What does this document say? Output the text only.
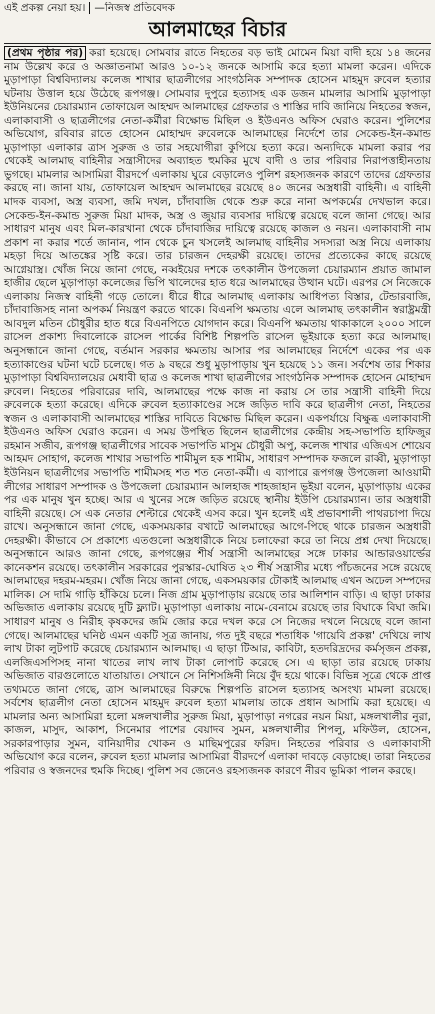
এই প্রকল্প নেয়া হয়। —নিজস্ব প্রতিবেদক
আলমাছের বিচার

(প্রথম পৃষ্ঠার পর) করা হয়েছে। সোমবার রাতে নিহতের বড় ভাই মোমেন মিয়া বাদী হয়ে ১৪ জনের নাম উল্লেখ করে ও অজ্ঞাতনামা আরও ১০-১২ জনকে আসামি করে হত্যা মামলা করেন। এদিকে মুড়াপাড়া বিশ্ববিদ্যালয় কলেজ শাখার ছাত্রলীগের সাংগঠনিক সম্পাদক হোসেন মাহমুদ রুবেল হত্যার ঘটনায় উত্তাল হয়ে উঠেছে রূপগঞ্জ। সোমবার দুপুরে হত্যাসহ এক ডজন মামলার আসামি মুড়াপাড়া ইউনিয়নের চেয়ারম্যান তোফায়েল আহম্মদ আলমাছের গ্রেফতার ও শাস্তির দাবি জানিয়ে নিহতের স্বজন, এলাকাবাসী ও ছাত্রলীগের নেতা-কর্মীরা বিক্ষোভ মিছিল ও ইউএনও অফিস ঘেরাও করেন। পুলিশের অভিযোগ, রবিবার রাতে হোসেন মোহাম্মদ রুবেলকে আলমাছের নির্দেশে তার সেকেন্ড-ইন-কমান্ড মুড়াপাড়া এলাকার ত্রাস সুরুজ ও তার সহযোগীরা কুপিয়ে হত্যা করে। অন্যদিকে মামলা করার পর থেকেই আলমাছ বাহিনীর সন্ত্রাসীদের অব্যাহত হুমকির মুখে বাদী ও তার পরিবার নিরাপত্তাহীনতায় ভুগছে। মামলার আসামিরা বীরদর্পে এলাকায় ঘুরে বেড়ালেও পুলিশ রহস্যজনক কারণে তাদের গ্রেফতার করছে না। জানা যায়, তোফায়েল আহম্মদ আলমাছের রয়েছে ৪০ জনের অস্ত্রধারী বাহিনী। এ বাহিনী মাদক ব্যবসা, অস্ত্র ব্যবসা, জমি দখল, চাঁদাবাজি থেকে শুরু করে নানা অপকর্মের দেখভাল করে। সেকেন্ড-ইন-কমান্ড সুরুজ মিয়া মাদক, অস্ত্র ও জুয়ার ব্যবসার দায়িত্বে রয়েছে বলে জানা গেছে। আর সাধারণ মানুষ এবং মিল-কারখানা থেকে চাঁদাবাজির দায়িত্বে রয়েছে কাজল ও নয়ন। এলাকাবাসী নাম প্রকাশ না করার শর্তে জানান, পান থেকে চুন খসলেই আলমাছ বাহিনীর সদস্যরা অস্ত্র নিয়ে এলাকায় মহড়া দিয়ে আতঙ্কের সৃষ্টি করে। তার চারজন দেহরক্ষী রয়েছে। তাদের প্রত্যেকের কাছে রয়েছে আগ্নেয়াস্ত্র। খোঁজ নিয়ে জানা গেছে, নব্বইয়ের দশকে তৎকালীন উপজেলা চেয়ারম্যান প্রয়াত জামাল হাজীর ছেলে মুড়াপাড়া কলেজের ভিপি খালেদের হাত ধরে আলমাছের উত্থান ঘটে। এরপর সে নিজেকে এলাকায় নিজস্ব বাহিনী গড়ে তোলে। ধীরে ধীরে আলমাছ এলাকায় আধিপত্য বিস্তার, টেন্ডারবাজি, চাঁদাবাজিসহ নানা অপকর্ম নিয়ন্ত্রণ করতে থাকে। বিএনপি ক্ষমতায় এলে আলমাছ তৎকালীন স্বরাষ্ট্রমন্ত্রী আবদুল মতিন চৌধুরীর হাত ধরে বিএনপিতে যোগদান করে। বিএনপি ক্ষমতায় থাকাকালে ২০০০ সালে রাসেল প্রকাশ্য দিবালোকে রাসেল পার্কের বিশিষ্ট শিল্পপতি রাসেল ভূইয়াকে হত্যা করে আলমাছ। অনুসন্ধানে জানা গেছে, বর্তমান সরকার ক্ষমতায় আসার পর আলমাছের নির্দেশে একের পর এক হত্যাকাণ্ডের ঘটনা ঘটে চলেছে। গত ৯ বছরে শুধু মুড়াপাড়ায় খুন হয়েছে ১১ জন। সর্বশেষ তার শিকার মুড়াপাড়া বিশ্ববিদ্যালয়ের মেধাবী ছাত্র ও কলেজ শাখা ছাত্রলীগের সাংগঠনিক সম্পাদক হোসেন মোহাম্মদ রুবেল। নিহতের পরিবারের দাবি, আলমাছের পক্ষে কাজ না করায় সে তার সন্ত্রাসী বাহিনী দিয়ে রুবেলকে হত্যা করেছে। এদিকে রুবেল হত্যাকাণ্ডের সঙ্গে জড়িত দাবি করে ছাত্রলীগ নেতা, নিহতের স্বজন ও এলাকাবাসী আলমাছের শাস্তির দাবিতে বিক্ষোভ মিছিল করেন। একপর্যায়ে বিক্ষুব্ধ এলাকাবাসী ইউএনও অফিস ঘেরাও করেন। এ সময় উপস্থিত ছিলেন ছাত্রলীগের কেন্দ্রীয় সহ-সভাপতি হাফিজুর রহমান সজীব, রূপগঞ্জ ছাত্রলীগের সাবেক সভাপতি মাসুম চৌধুরী অপু, কলেজ শাখার এজিএস শোয়েব আহমদ সোহাগ, কলেজ শাখার সভাপতি শামীমুল হক শামীম, সাধারণ সম্পাদক ফজলে রাব্বী, মুড়াপাড়া ইউনিয়ন ছাত্রলীগের সভাপতি শামীমসহ শত শত নেতা-কর্মী। এ ব্যাপারে রূপগঞ্জ উপজেলা আওয়ামী লীগের সাধারণ সম্পাদক ও উপজেলা চেয়ারম্যান আলহাজ শাহজাহান ভূইয়া বলেন, মুড়াপাড়ায় একের পর এক মানুষ খুন হচ্ছে। আর এ খুনের সঙ্গে জড়িত রয়েছে স্থানীয় ইউপি চেয়ারম্যান। তার অস্ত্রধারী বাহিনী রয়েছে। সে এক নেতার শেল্টারে থেকেই এসব করে। খুন হলেই এই প্রভাবশালী পাথরচাপা দিয়ে রাখে। অনুসন্ধানে জানা গেছে, একসময়কার বখাটে আলমাছের আগে-পিছে থাকে চারজন অস্ত্রধারী দেহরক্ষী। কীভাবে সে প্রকাশ্যে এতগুলো অস্ত্রধারীকে নিয়ে চলাফেরা করে তা নিয়ে প্রশ্ন দেখা দিয়েছে। অনুসন্ধানে আরও জানা গেছে, রূপগঞ্জের শীর্ষ সন্ত্রাসী আলমাছের সঙ্গে ঢাকার আন্ডারওয়ার্ল্ডের কানেকশন রয়েছে। তৎকালীন সরকারের পুরস্কার-ঘোষিত ২৩ শীর্ষ সন্ত্রাসীর মধ্যে পাঁচজনের সঙ্গে রয়েছে আলমাছের দহরম-মহরম। খোঁজ নিয়ে জানা গেছে, একসময়কার টোকাই আলমাছ এখন অঢেল সম্পদের মালিক। সে দামি গাড়ি হাঁকিয়ে চলে। নিজ গ্রাম মুড়াপাড়ায় রয়েছে তার আলিশান বাড়ি। এ ছাড়া ঢাকার অভিজাত এলাকায় রয়েছে দুটি ফ্ল্যাট। মুড়াপাড়া এলাকায় নামে-বেনামে রয়েছে তার বিঘাকে বিঘা জমি। সাধারণ মানুষ ও নিরীহ কৃষকদের জমি জোর করে দখল করে সে নিজের দখলে নিয়েছে বলে জানা গেছে। আলমাছের ঘনিষ্ঠ এমন একটি সূত্র জানায়, গত দুই বছরে শতাধিক 'গায়েবি প্রকল্প' দেখিয়ে লাখ লাখ টাকা লুটপাট করেছে চেয়ারম্যান আলমাছ। এ ছাড়া টিআর, কাবিটা, হতদরিদ্রদের কর্মসৃজন প্রকল্প, এলজিএসপিসহ নানা খাতের লাখ লাখ টাকা লোপাট করেছে সে। এ ছাড়া তার রয়েছে ঢাকায় অভিজাত বারগুলোতে যাতায়াত। সেখানে সে নিশিসঙ্গিনী নিয়ে বুঁদ হয়ে থাকে। বিভিন্ন সূত্রে থেকে প্রাপ্ত তথ্যমতে জানা গেছে, ত্রাস আলমাছের বিরুদ্ধে শিল্পপতি রাসেল হত্যাসহ অসংখ্য মামলা রয়েছে। সর্বশেষ ছাত্রলীগ নেতা হোসেন মাহমুদ রুবেল হত্যা মামলায় তাকে প্রধান আসামি করা হয়েছে। এ মামলার অন্য আসামিরা হলো মঙ্গলখালীর সুরুজ মিয়া, মুড়াপাড়া নগরের নয়ন মিয়া, মঙ্গলখালীর নুরা, কাজল, মাসুদ, আকাশ, সিনেমার পাশের বেয়াদব সুমন, মঙ্গলখালীর শিপলু, মফিউল, হোসেন, সরকারপাড়ার সুমন, বানিয়াদীর খোকন ও মাছিমপুরের ফরিদ। নিহতের পরিবার ও এলাকাবাসী অভিযোগ করে বলেন, রুবেল হত্যা মামলার আসামিরা বীরদর্পে এলাকা দাবড়ে বেড়াচ্ছে। তারা নিহতের পরিবার ও স্বজনদের হুমকি দিচ্ছে। পুলিশ সব জেনেও রহস্যজনক কারণে নীরব ভূমিকা পালন করছে।
